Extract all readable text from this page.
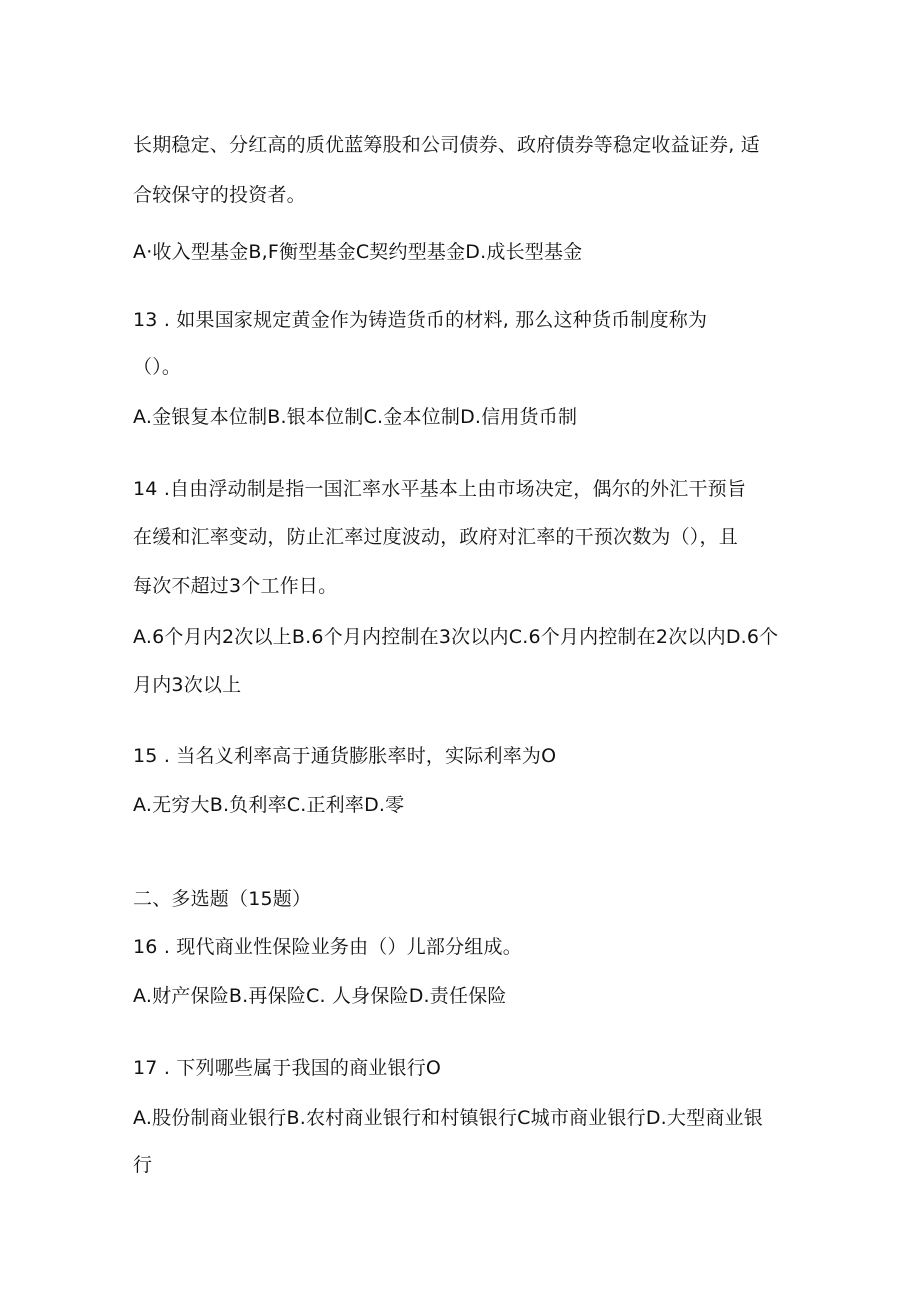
长期稳定、分红高的质优蓝筹股和公司债券、政府债券等稳定收益证券, 适
合较保守的投资者。
A·收入型基金B,F衡型基金C契约型基金D.成长型基金
13 . 如果国家规定黄金作为铸造货币的材料, 那么这种货币制度称为
（）。
A.金银复本位制B.银本位制C.金本位制D.信用货币制
14 .自由浮动制是指一国汇率水平基本上由市场决定，偶尔的外汇干预旨
在缓和汇率变动，防止汇率过度波动，政府对汇率的干预次数为（），且
每次不超过3个工作日。
A.6个月内2次以上B.6个月内控制在3次以内C.6个月内控制在2次以内D.6个
月内3次以上
15 . 当名义利率高于通货膨胀率时，实际利率为O
A.无穷大B.负利率C.正利率D.零
二、多选题（15题）
16 . 现代商业性保险业务由（）儿部分组成。
A.财产保险B.再保险C. 人身保险D.责任保险
17 . 下列哪些属于我国的商业银行O
A.股份制商业银行B.农村商业银行和村镇银行C城市商业银行D.大型商业银
行
